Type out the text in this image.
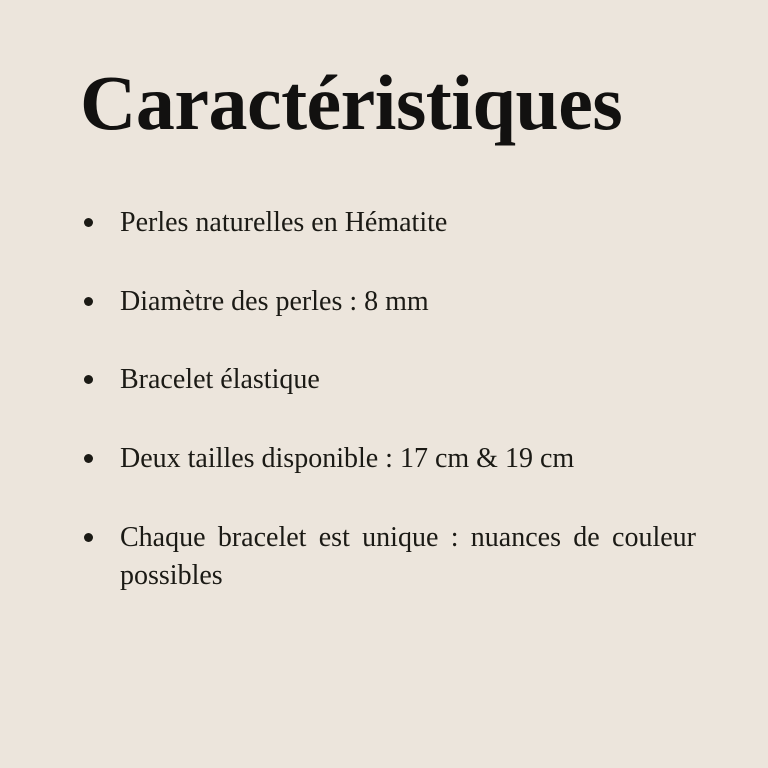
Caractéristiques
Perles naturelles en Hématite
Diamètre des perles : 8 mm
Bracelet élastique
Deux tailles disponible : 17 cm & 19 cm
Chaque bracelet est unique : nuances de couleur possibles
